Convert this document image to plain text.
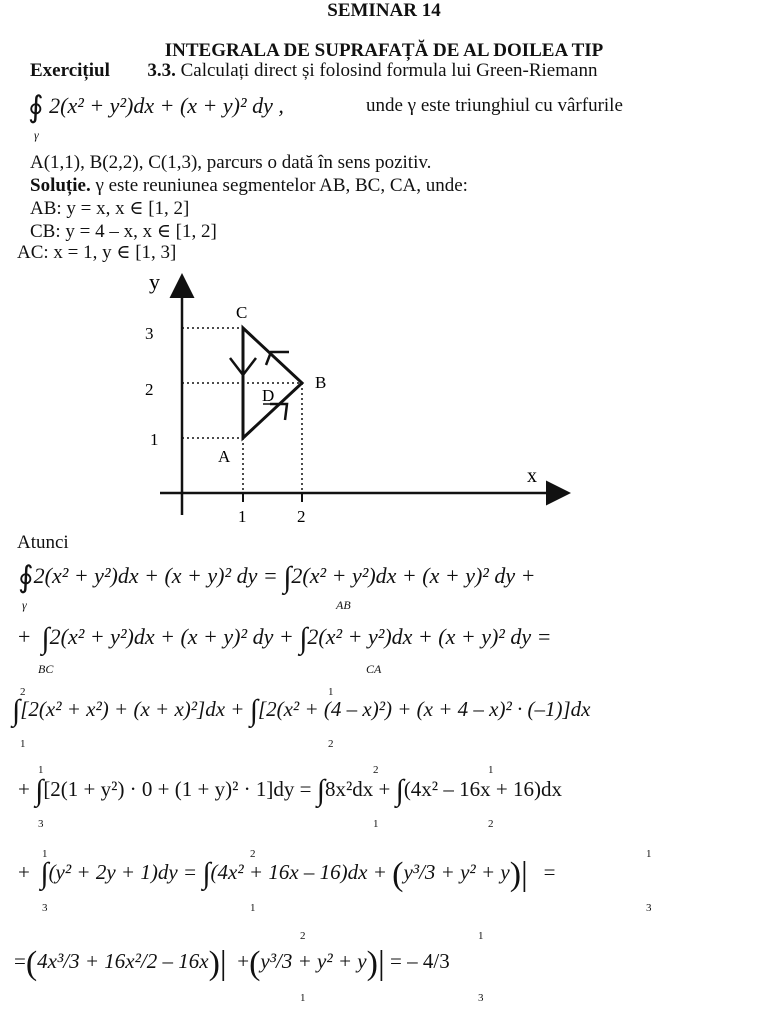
SEMINAR 14
INTEGRALA DE SUPRAFAȚĂ DE AL DOILEA TIP
Exercițiul 3.3. Calculați direct și folosind formula lui Green-Riemann
∮ 2(x² + y²)dx + (x + y)² dy ,
γ
unde γ este triunghiul cu vârfurile
A(1,1), B(2,2), C(1,3), parcurs o dată în sens pozitiv.
Soluție. γ este reuniunea segmentelor AB, BC, CA, unde:
AB: y = x, x ∈ [1, 2]
CB: y = 4 – x, x ∈ [1, 2]
AC: x = 1, y ∈ [1, 3]
y
x
3
2
1
1	2
A
B
C
D
Atunci
∮2(x² + y²)dx + (x + y)² dy = ∫2(x² + y²)dx + (x + y)² dy +
γ	AB
+  ∫2(x² + y²)dx + (x + y)² dy + ∫2(x² + y²)dx + (x + y)² dy =
BC	CA
∫[2(x² + x²) + (x + x)²]dx + ∫[2(x² + (4 – x)²) + (x + 4 – x)² · (–1)]dx
2
1
1
2
+ ∫[2(1 + y²) · 0 + (1 + y)² · 1]dy = ∫8x²dx + ∫(4x² – 16x + 16)dx
1
3
2
1
1
2
+  ∫(y² + 2y + 1)dy = ∫(4x² + 16x – 16)dx + (y³/3 + y² + y)|   =
1
3
2
1
1
3
=(4x³/3 + 16x²/2 – 16x)|  +(y³/3 + y² + y)| = – 4/3
2
1
1
3
